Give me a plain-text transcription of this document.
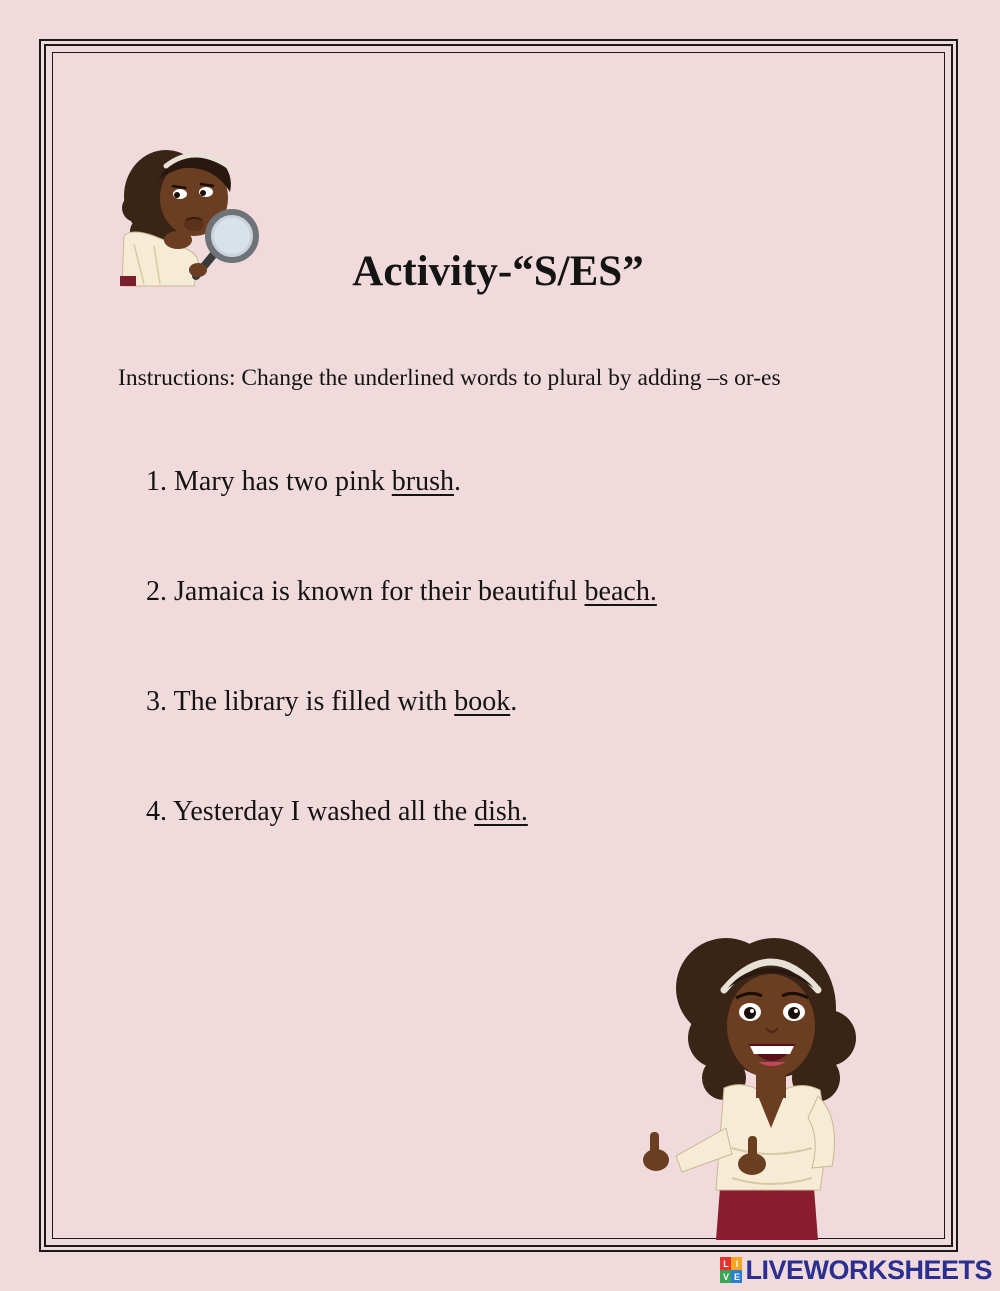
Activity-“S/ES”
Instructions: Change the underlined words to plural by adding –s or-es
1. Mary has two pink brush.
2. Jamaica is known for their beautiful beach.
3. The library is filled with book.
4. Yesterday I washed all the dish.
L I
V E LIVEWORKSHEETS
